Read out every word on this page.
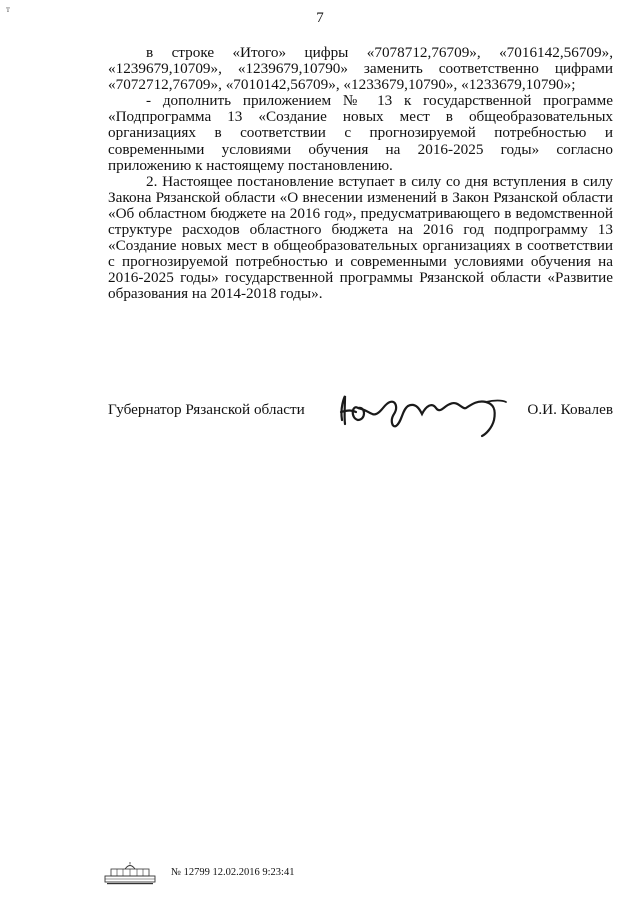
т
7

в строке «Итого» цифры «7078712,76709», «7016142,56709», «1239679,10709», «1239679,10790» заменить соответственно цифрами «7072712,76709», «7010142,56709», «1233679,10790», «1233679,10790»;

- дополнить приложением № 13 к государственной программе «Подпрограмма 13 «Создание новых мест в общеобразовательных организациях в соответствии с прогнозируемой потребностью и современными условиями обучения на 2016-2025 годы» согласно приложению к настоящему постановлению.

2. Настоящее постановление вступает в силу со дня вступления в силу Закона Рязанской области «О внесении изменений в Закон Рязанской области «Об областном бюджете на 2016 год», предусматривающего в ведомственной структуре расходов областного бюджета на 2016 год подпрограмму 13 «Создание новых мест в общеобразовательных организациях в соответствии с прогнозируемой потребностью и современными условиями обучения на 2016-2025 годы» государственной программы Рязанской области «Развитие образования на 2014-2018 годы».

Губернатор Рязанской области	О.И. Ковалев
№ 12799 12.02.2016 9:23:41
